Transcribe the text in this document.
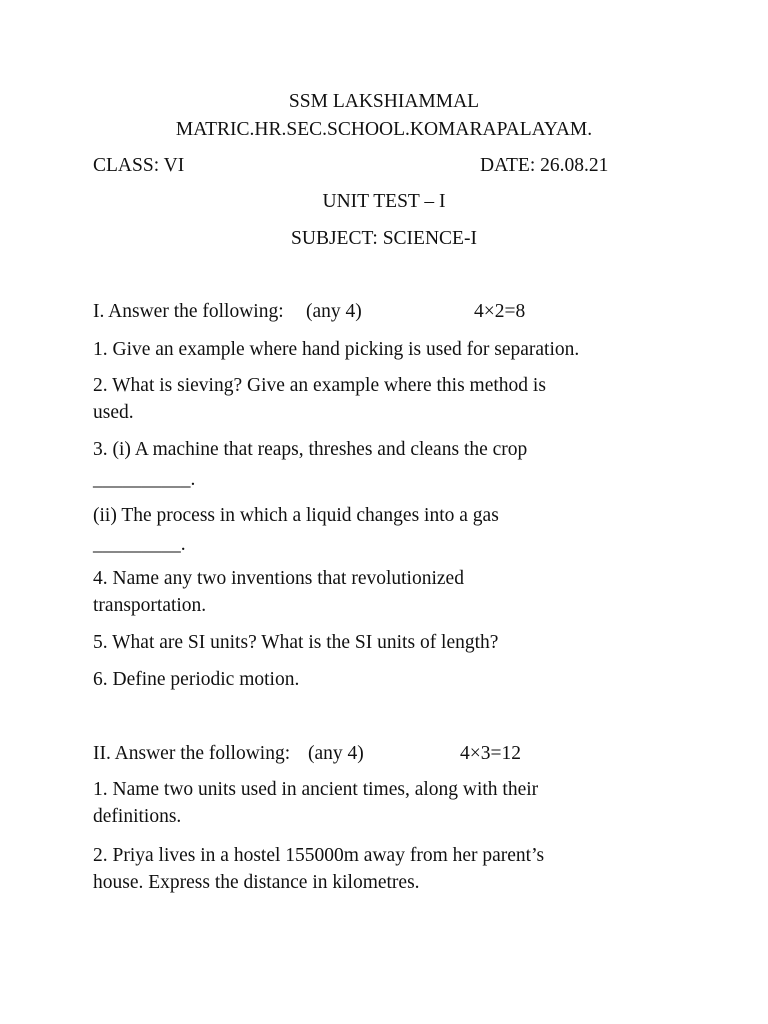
SSM LAKSHIAMMAL
MATRIC.HR.SEC.SCHOOL.KOMARAPALAYAM.
CLASS: VI	DATE: 26.08.21
UNIT TEST – I
SUBJECT: SCIENCE-I
I. Answer the following: (any 4)	4×2=8
1. Give an example where hand picking is used for separation.
2. What is sieving? Give an example where this method is
used.
3. (i) A machine that reaps, threshes and cleans the crop
__________.
(ii) The process in which a liquid changes into a gas
_________.
4. Name any two inventions that revolutionized
transportation.
5. What are SI units? What is the SI units of length?
6. Define periodic motion.
II. Answer the following: (any 4)	4×3=12
1. Name two units used in ancient times, along with their
definitions.
2. Priya lives in a hostel 155000m away from her parent’s
house. Express the distance in kilometres.
